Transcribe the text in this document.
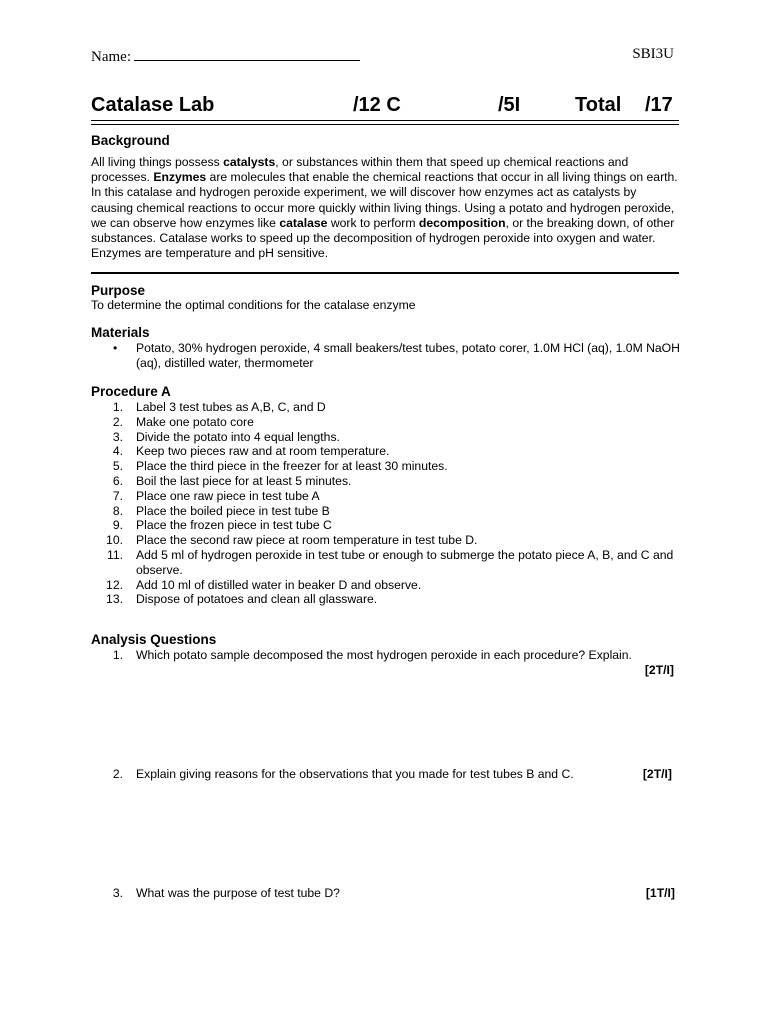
Name:	SBI3U
Catalase Lab	/12 C	/5I	Total /17
Background
All living things possess catalysts, or substances within them that speed up chemical reactions and processes. Enzymes are molecules that enable the chemical reactions that occur in all living things on earth. In this catalase and hydrogen peroxide experiment, we will discover how enzymes act as catalysts by causing chemical reactions to occur more quickly within living things. Using a potato and hydrogen peroxide, we can observe how enzymes like catalase work to perform decomposition, or the breaking down, of other substances. Catalase works to speed up the decomposition of hydrogen peroxide into oxygen and water. Enzymes are temperature and pH sensitive.
Purpose
To determine the optimal conditions for the catalase enzyme
Materials
• Potato, 30% hydrogen peroxide, 4 small beakers/test tubes, potato corer, 1.0M HCl (aq), 1.0M NaOH (aq), distilled water, thermometer
Procedure A
1. Label 3 test tubes as A,B, C, and D
2. Make one potato core
3. Divide the potato into 4 equal lengths.
4. Keep two pieces raw and at room temperature.
5. Place the third piece in the freezer for at least 30 minutes.
6. Boil the last piece for at least 5 minutes.
7. Place one raw piece in test tube A
8. Place the boiled piece in test tube B
9. Place the frozen piece in test tube C
10. Place the second raw piece at room temperature in test tube D.
11. Add 5 ml of hydrogen peroxide in test tube or enough to submerge the potato piece A, B, and C and observe.
12. Add 10 ml of distilled water in beaker D and observe.
13. Dispose of potatoes and clean all glassware.
Analysis Questions
1. Which potato sample decomposed the most hydrogen peroxide in each procedure? Explain.
[2T/I]
2. Explain giving reasons for the observations that you made for test tubes B and C.	[2T/I]
3. What was the purpose of test tube D?	[1T/I]
